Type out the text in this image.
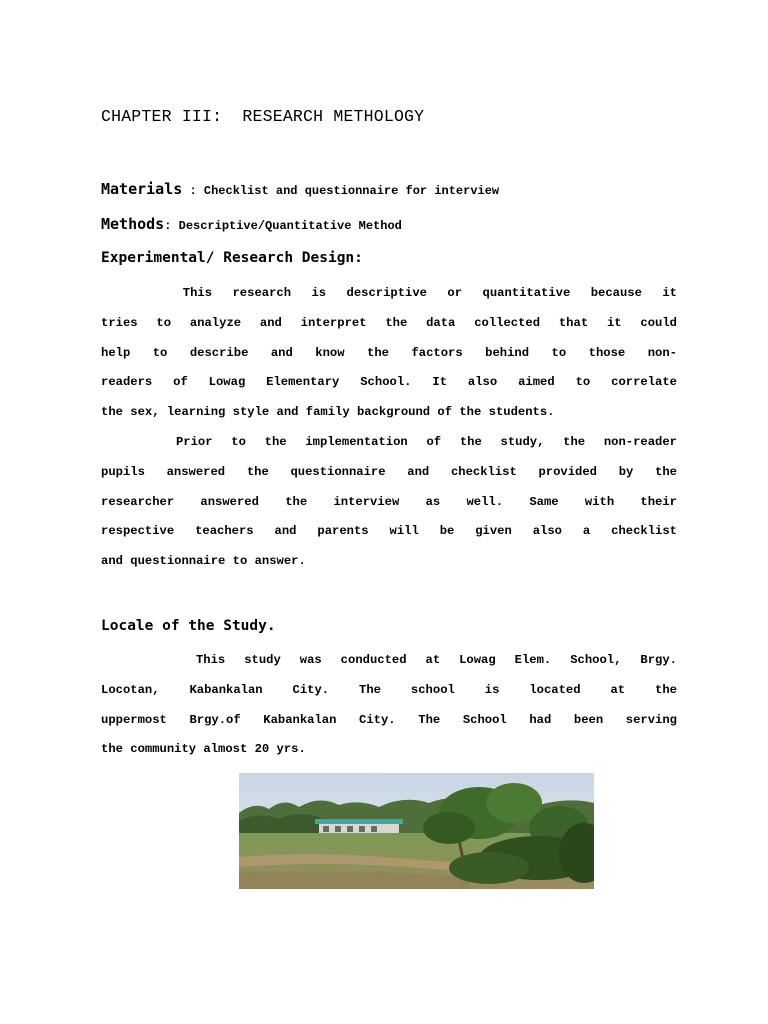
CHAPTER III:  RESEARCH METHOLOGY

Materials : Checklist and questionnaire for interview

Methods: Descriptive/Quantitative Method

Experimental/ Research Design:
This research is descriptive or quantitative because it
tries to analyze and interpret the data collected that it could
help to describe and know the factors behind to those non-
readers of Lowag Elementary School. It also aimed to correlate
the sex, learning style and family background of the students.
Prior to the implementation of the study, the non-reader
pupils answered the questionnaire and checklist provided by the
researcher answered the interview as well. Same with their
respective teachers and parents will be given also a checklist
and questionnaire to answer.
Locale of the Study.
This study was conducted at Lowag Elem. School, Brgy.
Locotan, Kabankalan City. The school is located at the
uppermost Brgy.of Kabankalan City. The School had been serving
the community almost 20 yrs.
